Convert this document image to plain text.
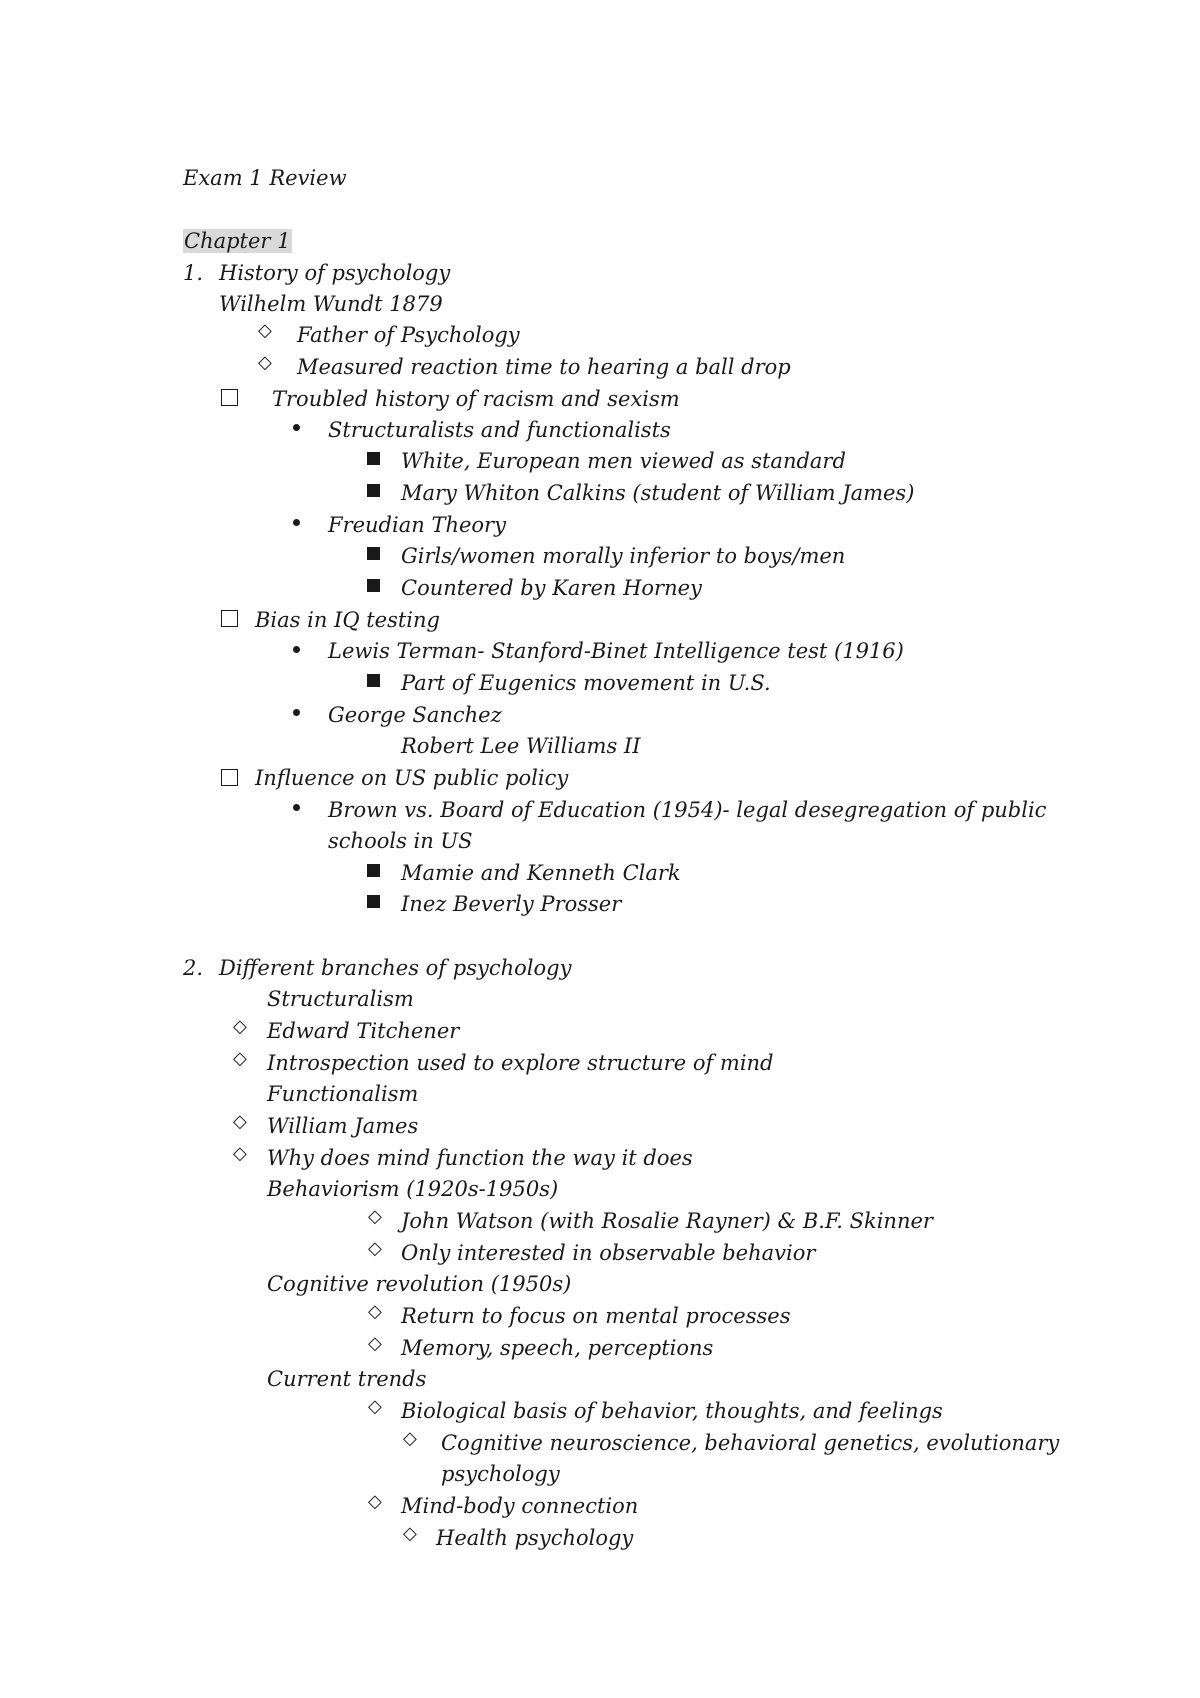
Exam 1 Review
Chapter 1
1. History of psychology
Wilhelm Wundt 1879
◇ Father of Psychology
◇ Measured reaction time to hearing a ball drop
Troubled history of racism and sexism
Structuralists and functionalists
White, European men viewed as standard
Mary Whiton Calkins (student of William James)
Freudian Theory
Girls/women morally inferior to boys/men
Countered by Karen Horney
Bias in IQ testing
Lewis Terman- Stanford-Binet Intelligence test (1916)
Part of Eugenics movement in U.S.
George Sanchez
Robert Lee Williams II
Influence on US public policy
Brown vs. Board of Education (1954)- legal desegregation of public
schools in US
Mamie and Kenneth Clark
Inez Beverly Prosser
2. Different branches of psychology
Structuralism
◇ Edward Titchener
◇ Introspection used to explore structure of mind
Functionalism
◇ William James
◇ Why does mind function the way it does
Behaviorism (1920s-1950s)
◇ John Watson (with Rosalie Rayner) & B.F. Skinner
◇ Only interested in observable behavior
Cognitive revolution (1950s)
◇ Return to focus on mental processes
◇ Memory, speech, perceptions
Current trends
◇ Biological basis of behavior, thoughts, and feelings
◇ Cognitive neuroscience, behavioral genetics, evolutionary
psychology
◇ Mind-body connection
◇ Health psychology
